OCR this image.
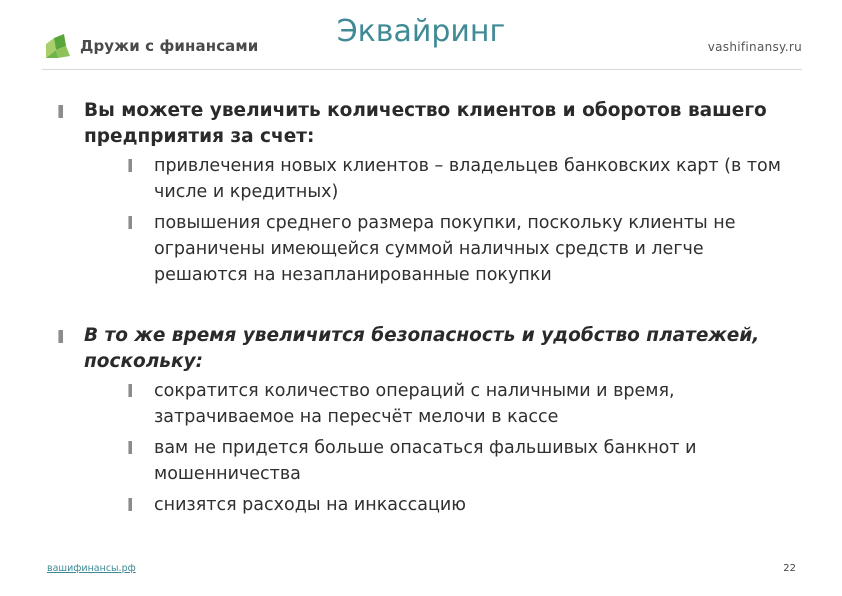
Дружи с финансами	Эквайринг	vashifinansy.ru
Вы можете увеличить количество клиентов и оборотов вашего предприятия за счет:
привлечения новых клиентов – владельцев банковских карт (в том числе и кредитных)
повышения среднего размера покупки, поскольку клиенты не ограничены имеющейся суммой наличных средств и легче решаются на незапланированные покупки
В то же время увеличится безопасность и удобство платежей, поскольку:
сократится количество операций с наличными и время, затрачиваемое на пересчёт мелочи в кассе
вам не придется больше опасаться фальшивых банкнот и мошенничества
снизятся расходы на инкассацию
вашифинансы.рф	22
